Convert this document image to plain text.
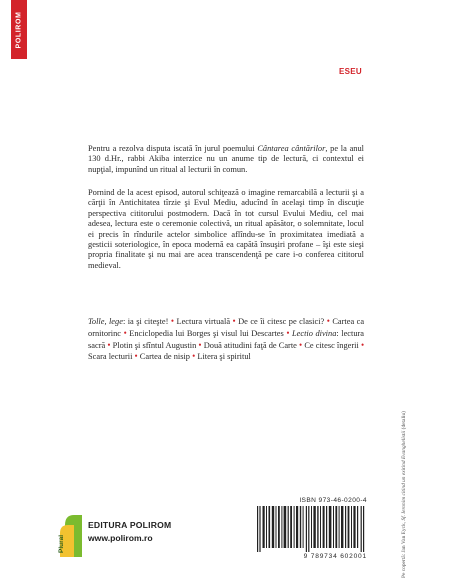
POLIROM
ESEU

Pentru a rezolva disputa iscată în jurul poemului Cântarea cântărilor, pe la anul 130 d.Hr., rabbi Akiba interzice nu un anume tip de lectură, ci contextul ei nupţial, impunînd un ritual al lecturii în comun.

Pornind de la acest episod, autorul schiţează o imagine remarcabilă a lecturii şi a cărţii în Antichitatea tîrzie şi Evul Mediu, aducînd în acelaşi timp în discuţie perspectiva cititorului postmodern. Dacă în tot cursul Evului Mediu, cel mai adesea, lectura este o ceremonie colectivă, un ritual apăsător, o solemnitate, locul ei precis în rîndurile actelor simbolice aflîndu-se în proximitatea imediată a gesticii soteriologice, în epoca modernă ea capătă însuşiri profane – îşi este sieşi propria finalitate şi nu mai are acea transcendenţă pe care i-o conferea cititorul medieval.

Tolle, lege: ia şi citeşte! • Lectura virtuală • De ce îi citesc pe clasici? • Cartea ca ornitorinc • Enciclopedia lui Borges şi visul lui Descartes • Lectio divina: lectura sacră • Plotin şi sfîntul Augustin • Două atitudini faţă de Carte • Ce citesc îngerii • Scara lecturii • Cartea de nisip • Litera şi spiritul

ISBN 973-46-0200-4
9 789734 602001
Plural
EDITURA POLIROM
www.polirom.ro	Pe copertă: Jan Van Eyck, Sf. Ieronim citind un exitind Evanghelistii (detaliu)
